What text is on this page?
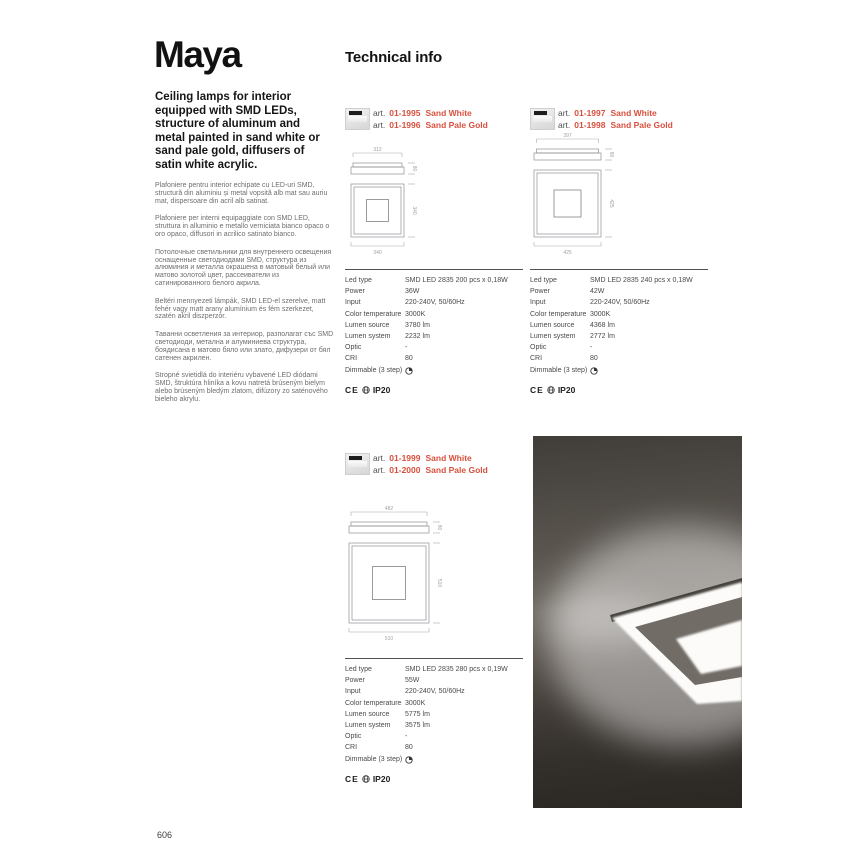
Maya	Technical info
Ceiling lamps for interior equipped with SMD LEDs, structure of aluminum and metal painted in sand white or sand pale gold, diffusers of satin white acrylic.

Plafoniere pentru interior echipate cu LED-uri SMD, structură din aluminiu și metal vopsită alb mat sau auriu mat, dispersoare din acril alb satinat.

Plafoniere per interni equipaggiate con SMD LED, struttura in alluminio e metallo verniciata bianco opaco o oro opaco, diffusori in acrilico satinato bianco.

Потолочные светильники для внутреннего освещения оснащенные светодиодами SMD, структура из алюминия и металла окрашена в матовый белый или матово золотой цвет, рассеиватели из сатинированного белого акрила.

Beltéri mennyezeti lámpák, SMD LED-el szerelve, matt fehér vagy matt arany alumínium és fém szerkezet, szatén akril diszperzór.

Таванни осветления за интериор, разполагат със SMD светодиоди, метална и алуминиева структура, боядисана в матово бяло или злато, дифузери от бял сатенен акрилен.

Stropné svietidlá do interiéru vybavené LED diódami SMD, štruktúra hliníka a kovu natretá brúseným bielym alebo brúseným bledým zlatom, difúzory zo saténového bieleho akrylu.

art. 01-1995 Sand White
art. 01-1996 Sand Pale Gold
312
80
340
340
Led type	SMD LED 2835 200 pcs x 0,18W
Power	36W
Input	220-240V, 50/60Hz
Color temperature 3000K
Lumen source	3780 lm
Lumen system	2232 lm
Optic	-
CRI	80
Dimmable (3 step)
CE IP20
art. 01-1997 Sand White
art. 01-1998 Sand Pale Gold
397
80
425
425
Led type	SMD LED 2835 240 pcs x 0,18W
Power	42W
Input	220-240V, 50/60Hz
Color temperature 3000K
Lumen source	4368 lm
Lumen system	2772 lm
Optic	-
CRI	80
Dimmable (3 step)
CE IP20
art. 01-1999 Sand White
art. 01-2000 Sand Pale Gold
482
80
510
510
Led type	SMD LED 2835 280 pcs x 0,19W
Power	55W
Input	220-240V, 50/60Hz
Color temperature 3000K
Lumen source	5775 lm
Lumen system	3575 lm
Optic	-
CRI	80
Dimmable (3 step)
CE IP20
606
